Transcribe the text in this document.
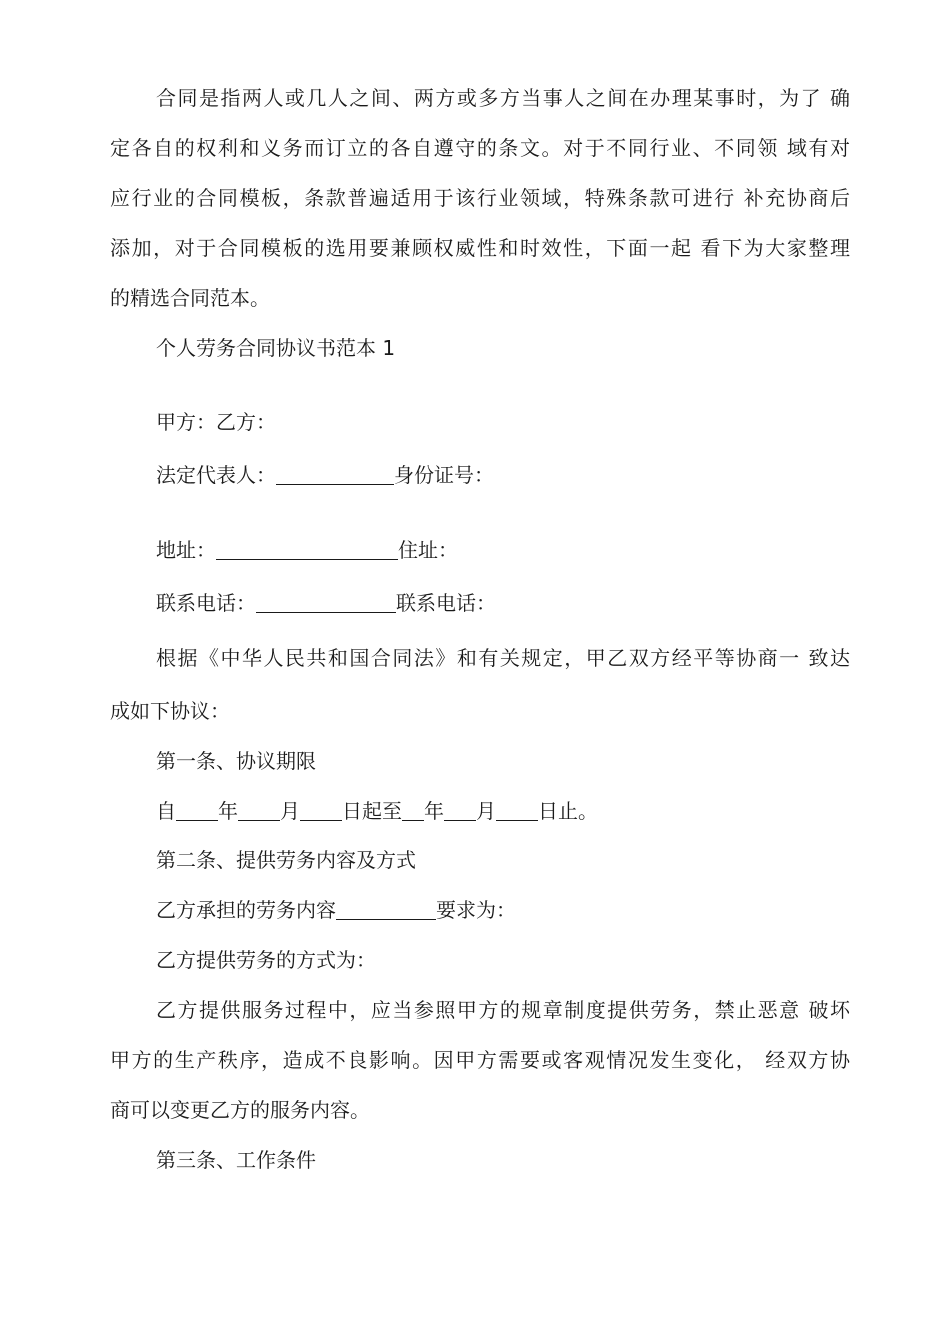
合同是指两人或几人之间、两方或多方当事人之间在办理某事时，为了 确
定各自的权利和义务而订立的各自遵守的条文。对于不同行业、不同领 域有对
应行业的合同模板，条款普遍适用于该行业领域，特殊条款可进行 补充协商后
添加，对于合同模板的选用要兼顾权威性和时效性，下面一起 看下为大家整理
的精选合同范本。
个人劳务合同协议书范本 1
甲方：乙方：
法定代表人：	身份证号：
地址：	住址：
联系电话：	联系电话：
根据《中华人民共和国合同法》和有关规定，甲乙双方经平等协商一 致达
成如下协议：
第一条、协议期限
自 年 月 日起至 年 月 日止。
第二条、提供劳务内容及方式
乙方承担的劳务内容	要求为：
乙方提供劳务的方式为：
乙方提供服务过程中，应当参照甲方的规章制度提供劳务，禁止恶意 破坏
甲方的生产秩序，造成不良影响。因甲方需要或客观情况发生变化， 经双方协
商可以变更乙方的服务内容。
第三条、工作条件
